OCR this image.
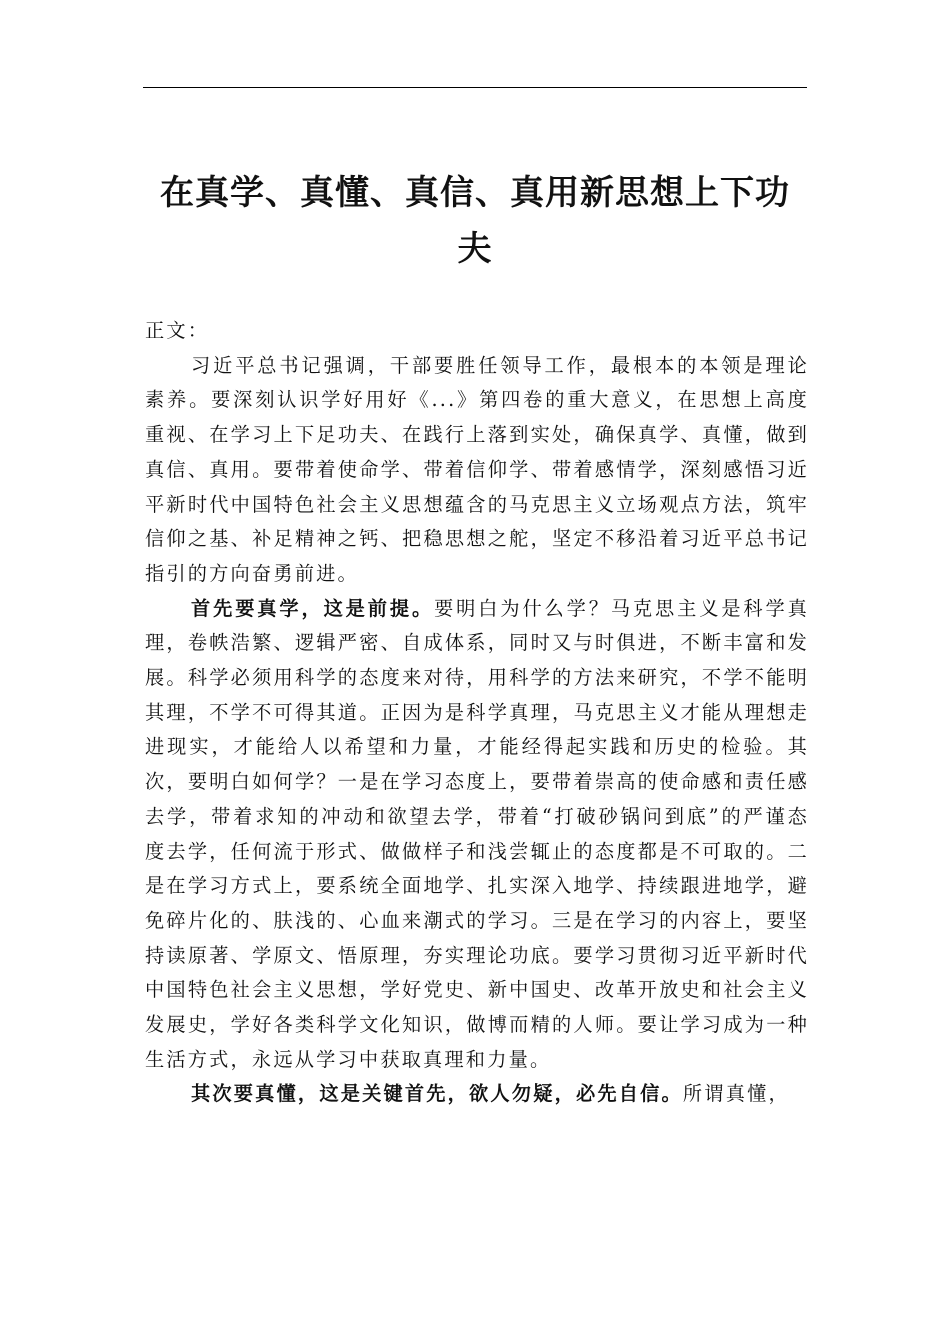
在真学、真懂、真信、真用新思想上下功夫

正文：

习近平总书记强调，干部要胜任领导工作，最根本的本领是理论素养。要深刻认识学好用好《...》第四卷的重大意义，在思想上高度重视、在学习上下足功夫、在践行上落到实处，确保真学、真懂，做到真信、真用。要带着使命学、带着信仰学、带着感情学，深刻感悟习近平新时代中国特色社会主义思想蕴含的马克思主义立场观点方法，筑牢信仰之基、补足精神之钙、把稳思想之舵，坚定不移沿着习近平总书记指引的方向奋勇前进。

首先要真学，这是前提。要明白为什么学？马克思主义是科学真理，卷帙浩繁、逻辑严密、自成体系，同时又与时俱进，不断丰富和发展。科学必须用科学的态度来对待，用科学的方法来研究，不学不能明其理，不学不可得其道。正因为是科学真理，马克思主义才能从理想走进现实，才能给人以希望和力量，才能经得起实践和历史的检验。其次，要明白如何学？一是在学习态度上，要带着崇高的使命感和责任感去学，带着求知的冲动和欲望去学，带着“打破砂锅问到底”的严谨态度去学，任何流于形式、做做样子和浅尝辄止的态度都是不可取的。二是在学习方式上，要系统全面地学、扎实深入地学、持续跟进地学，避免碎片化的、肤浅的、心血来潮式的学习。三是在学习的内容上，要坚持读原著、学原文、悟原理，夯实理论功底。要学习贯彻习近平新时代中国特色社会主义思想，学好党史、新中国史、改革开放史和社会主义发展史，学好各类科学文化知识，做博而精的人师。要让学习成为一种生活方式，永远从学习中获取真理和力量。

其次要真懂，这是关键首先，欲人勿疑，必先自信。所谓真懂，
